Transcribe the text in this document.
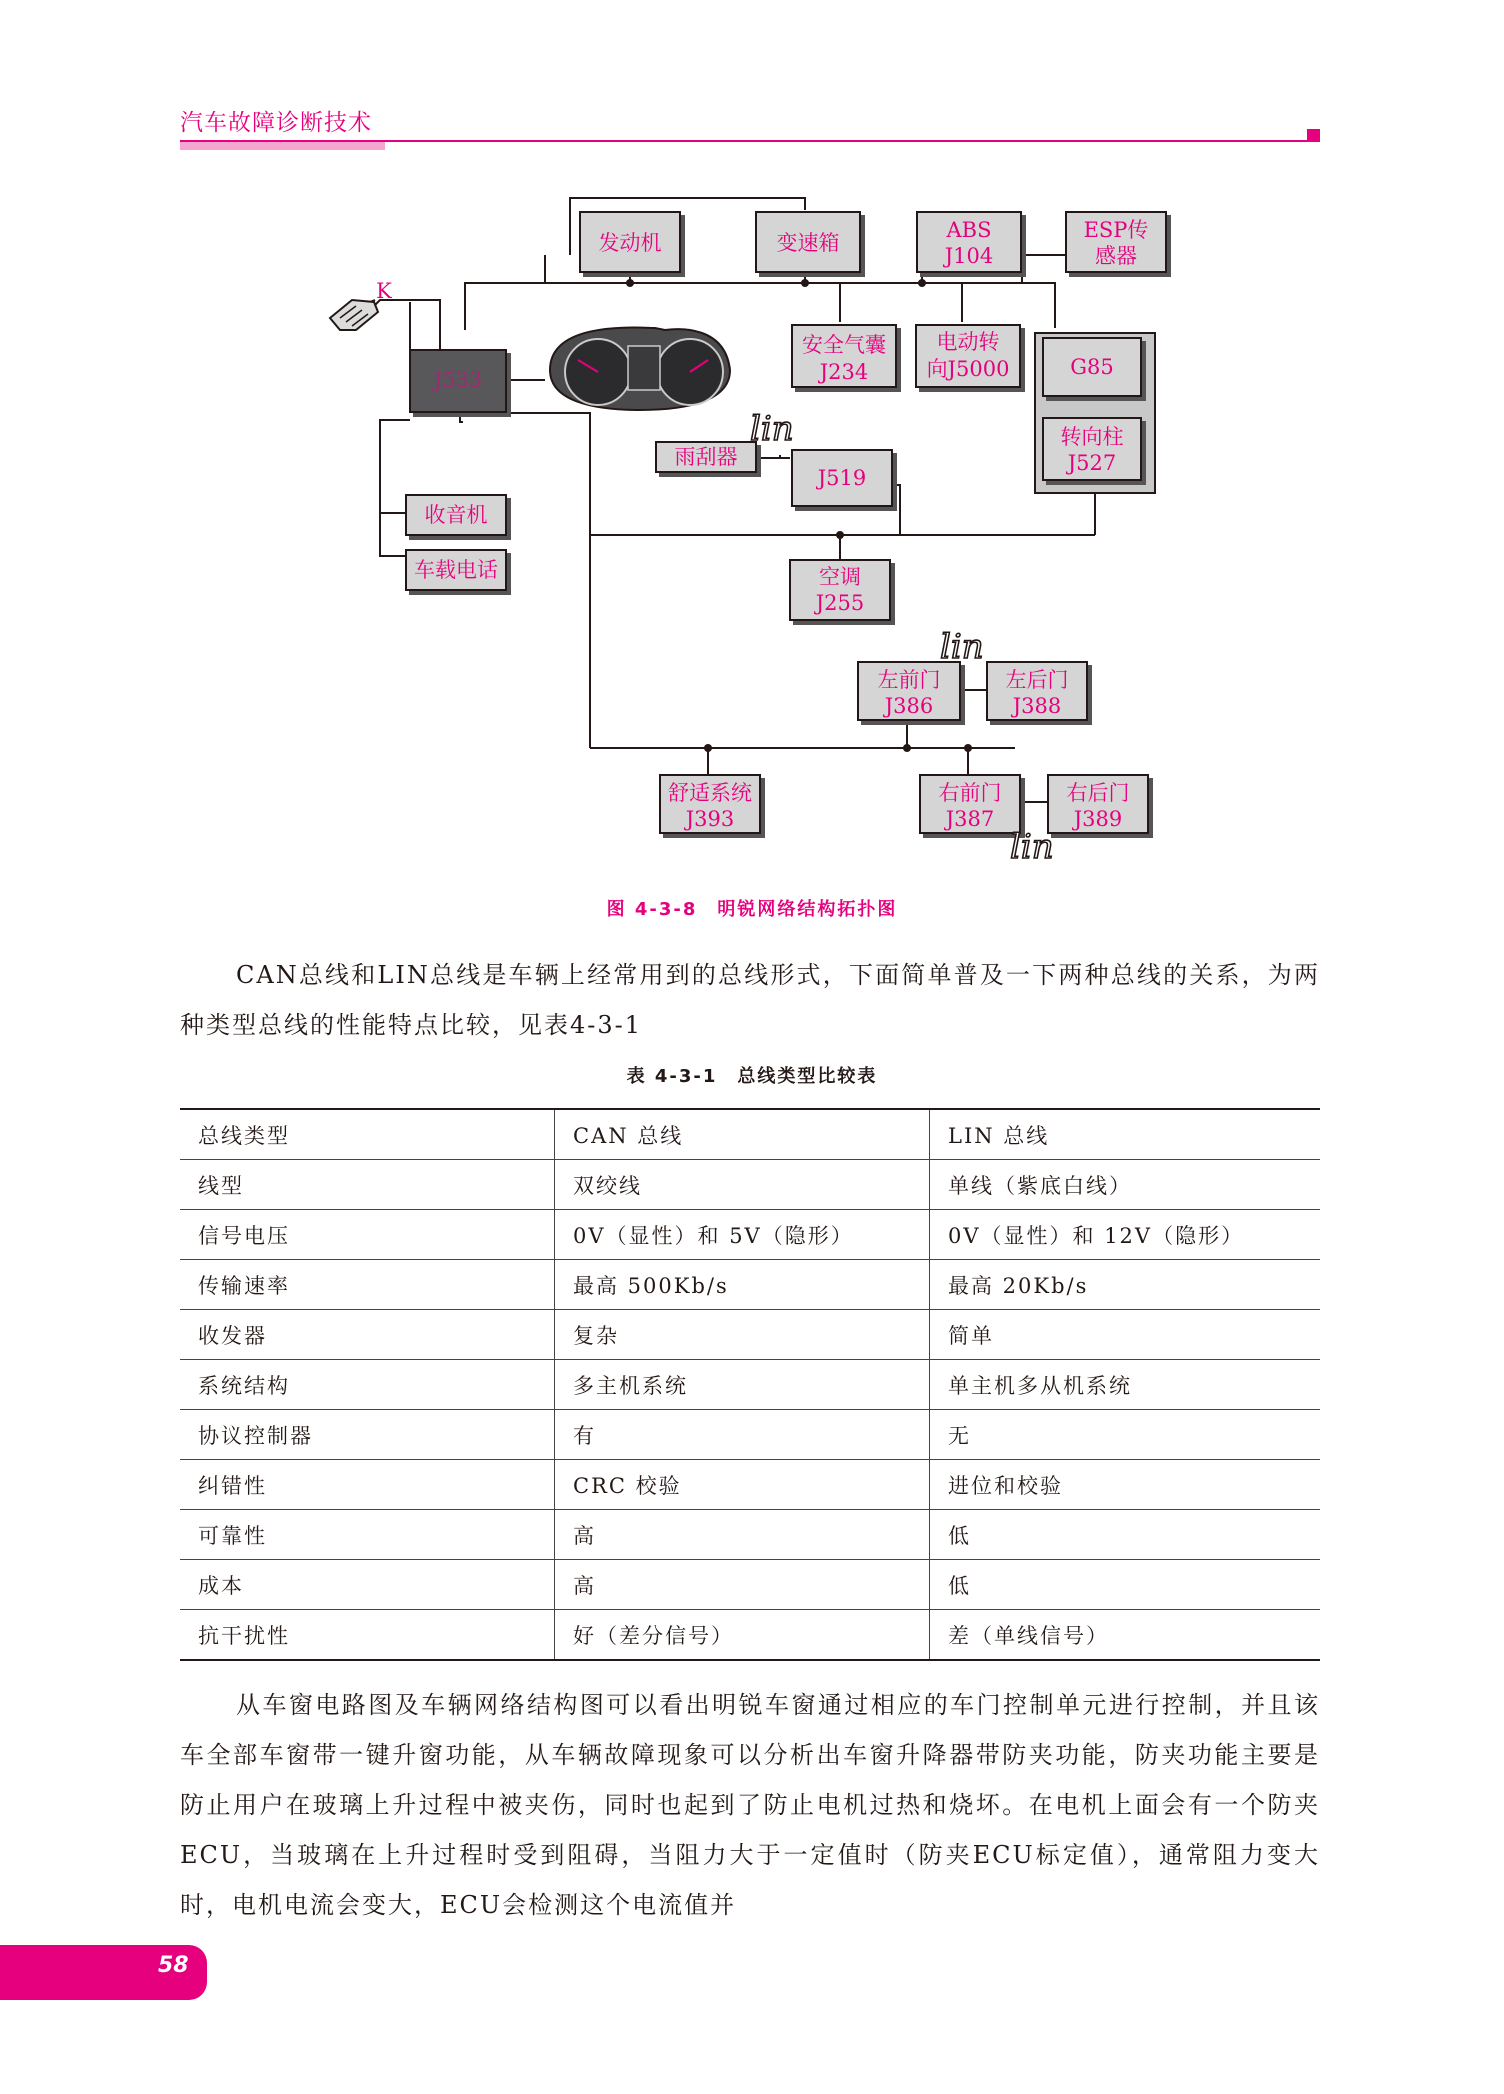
汽车故障诊断技术
K
J533
发动机	变速箱
ABS
J104
ESP传
感器
安全气囊
J234
电动转
向J5000	G85
转向柱
J527
雨刮器
J519
收音机
车载电话	空调
J255
左前门
J386
左后门
J388
舒适系统
J393
右前门
J387
右后门
J389
lin
lin
lin
图 4-3-8　明锐网络结构拓扑图

CAN总线和LIN总线是车辆上经常用到的总线形式，下面简单普及一下两种总线的关系，为两种类型总线的性能特点比较，见表4-3-1

表 4-3-1　总线类型比较表
总线类型	CAN 总线	LIN 总线
线型	双绞线	单线（紫底白线）
信号电压	0V（显性）和 5V（隐形）	0V（显性）和 12V（隐形）
传输速率	最高 500Kb/s	最高 20Kb/s
收发器	复杂	简单
系统结构	多主机系统	单主机多从机系统
协议控制器	有	无
纠错性	CRC 校验	进位和校验
可靠性	高	低
成本	高	低
抗干扰性	好（差分信号）	差（单线信号）

从车窗电路图及车辆网络结构图可以看出明锐车窗通过相应的车门控制单元进行控制，并且该车全部车窗带一键升窗功能，从车辆故障现象可以分析出车窗升降器带防夹功能，防夹功能主要是防止用户在玻璃上升过程中被夹伤，同时也起到了防止电机过热和烧坏。在电机上面会有一个防夹ECU，当玻璃在上升过程时受到阻碍，当阻力大于一定值时（防夹ECU标定值），通常阻力变大时，电机电流会变大，ECU会检测这个电流值并

58
